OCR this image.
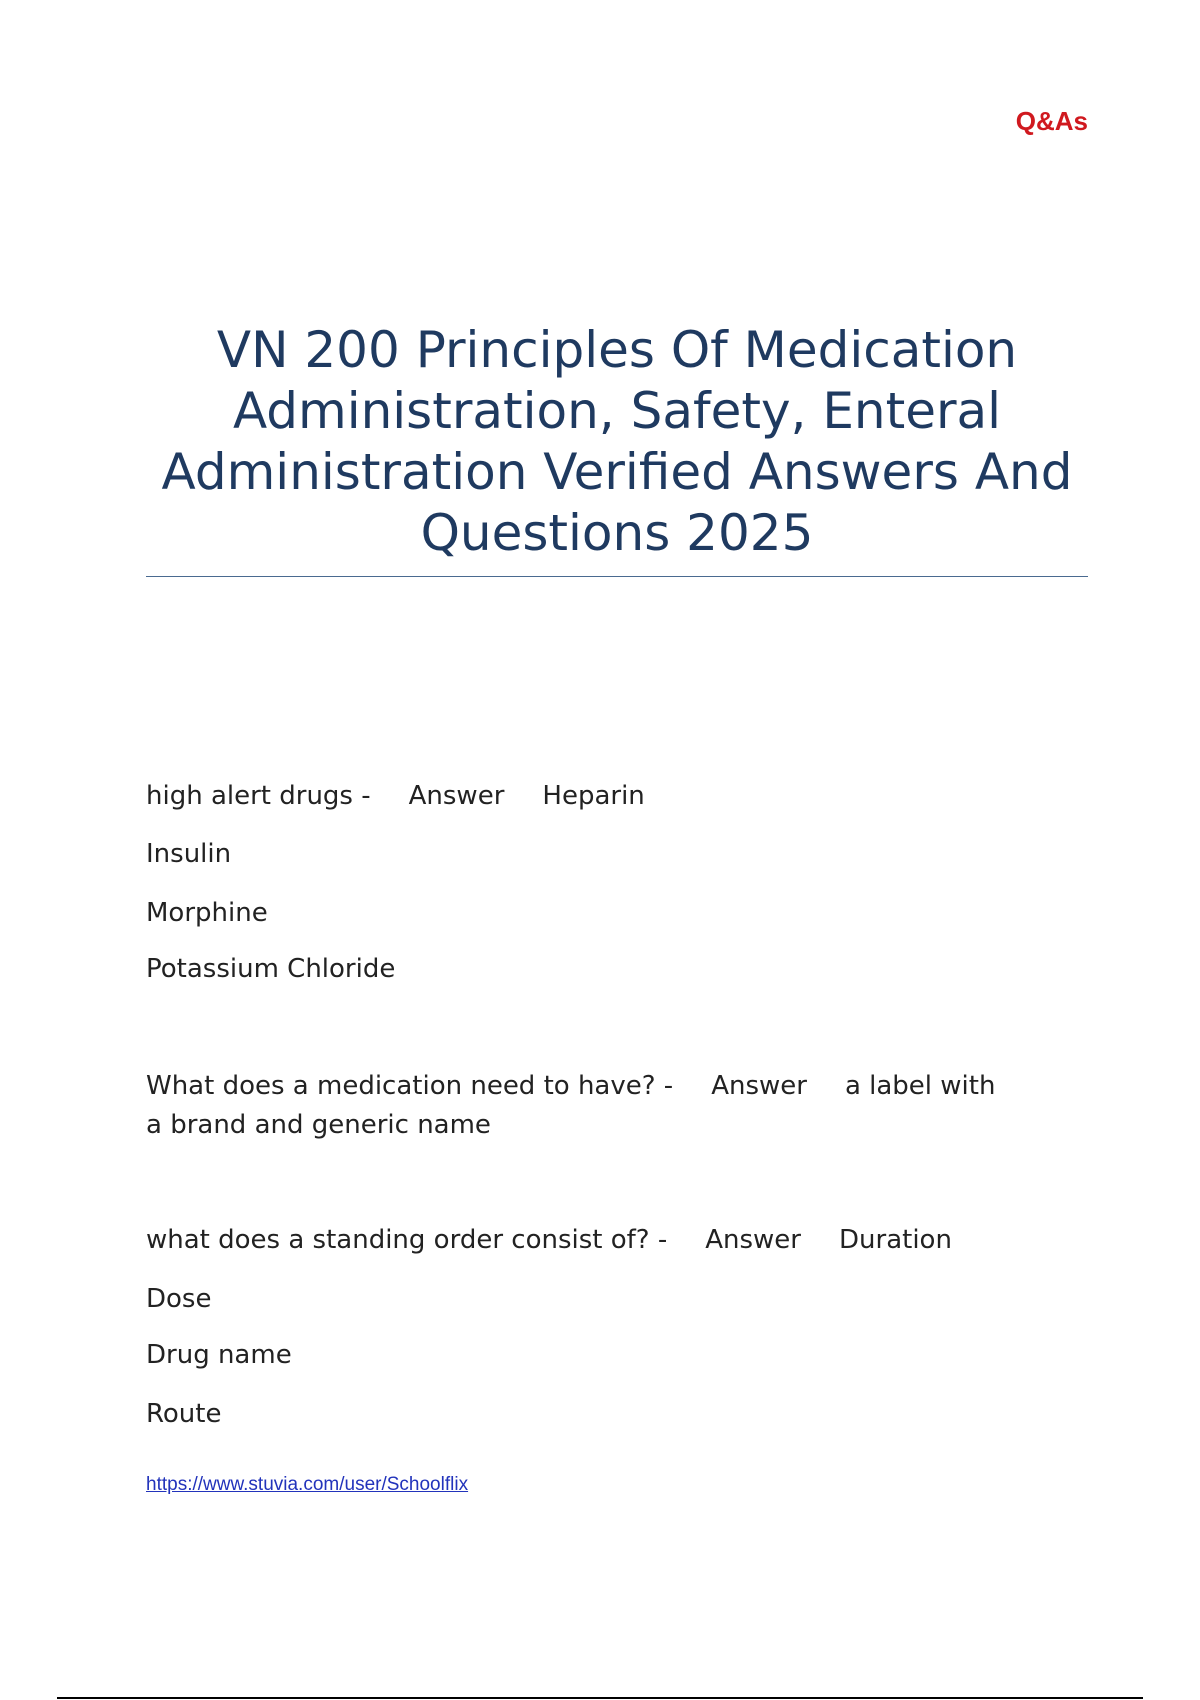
Q&As
VN 200 Principles Of Medication Administration, Safety, Enteral Administration Verified Answers And Questions 2025
high alert drugs - Answer Heparin
Insulin
Morphine
Potassium Chloride
What does a medication need to have? - Answer a label with
a brand and generic name
what does a standing order consist of? - Answer Duration
Dose
Drug name
Route
https://www.stuvia.com/user/Schoolflix
